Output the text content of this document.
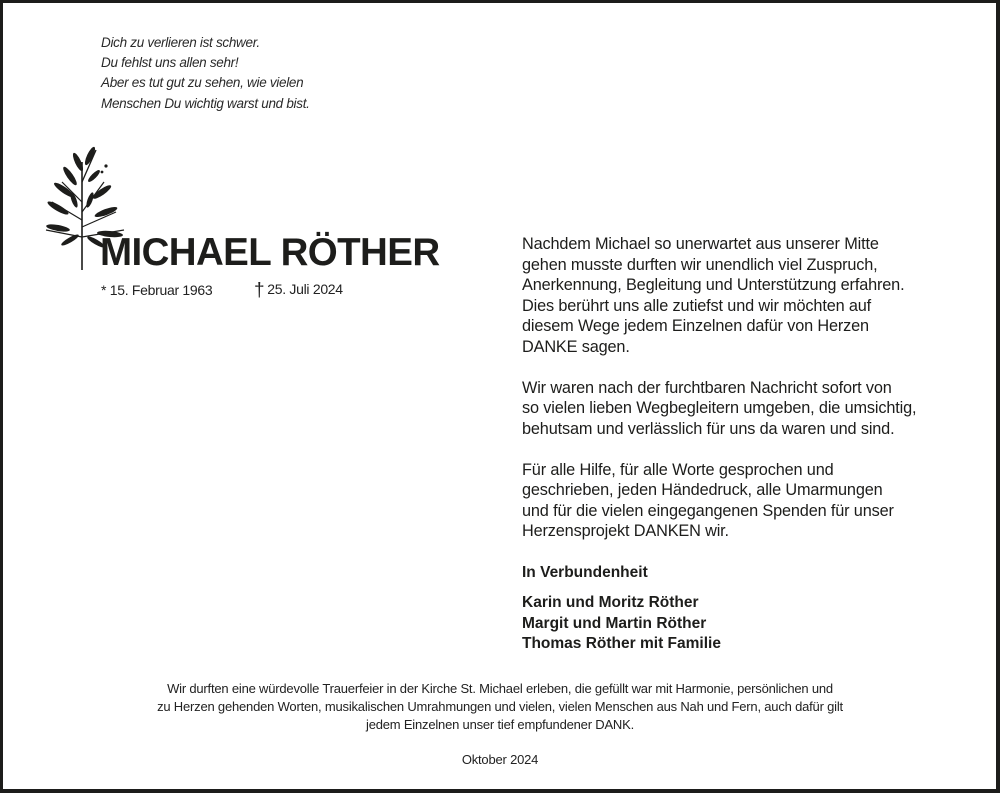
Dich zu verlieren ist schwer.
Du fehlst uns allen sehr!
Aber es tut gut zu sehen, wie vielen
Menschen Du wichtig warst und bist.
MICHAEL RÖTHER
* 15. Februar 1963 † 25. Juli 2024
Nachdem Michael so unerwartet aus unserer Mitte
gehen musste durften wir unendlich viel Zuspruch,
Anerkennung, Begleitung und Unterstützung erfahren.
Dies berührt uns alle zutiefst und wir möchten auf
diesem Wege jedem Einzelnen dafür von Herzen
DANKE sagen.
Wir waren nach der furchtbaren Nachricht sofort von
so vielen lieben Wegbegleitern umgeben, die umsichtig,
behutsam und verlässlich für uns da waren und sind.
Für alle Hilfe, für alle Worte gesprochen und
geschrieben, jeden Händedruck, alle Umarmungen
und für die vielen eingegangenen Spenden für unser
Herzensprojekt DANKEN wir.
In Verbundenheit
Karin und Moritz Röther
Margit und Martin Röther
Thomas Röther mit Familie
Wir durften eine würdevolle Trauerfeier in der Kirche St. Michael erleben, die gefüllt war mit Harmonie, persönlichen und
zu Herzen gehenden Worten, musikalischen Umrahmungen und vielen, vielen Menschen aus Nah und Fern, auch dafür gilt
jedem Einzelnen unser tief empfundener DANK.
Oktober 2024
